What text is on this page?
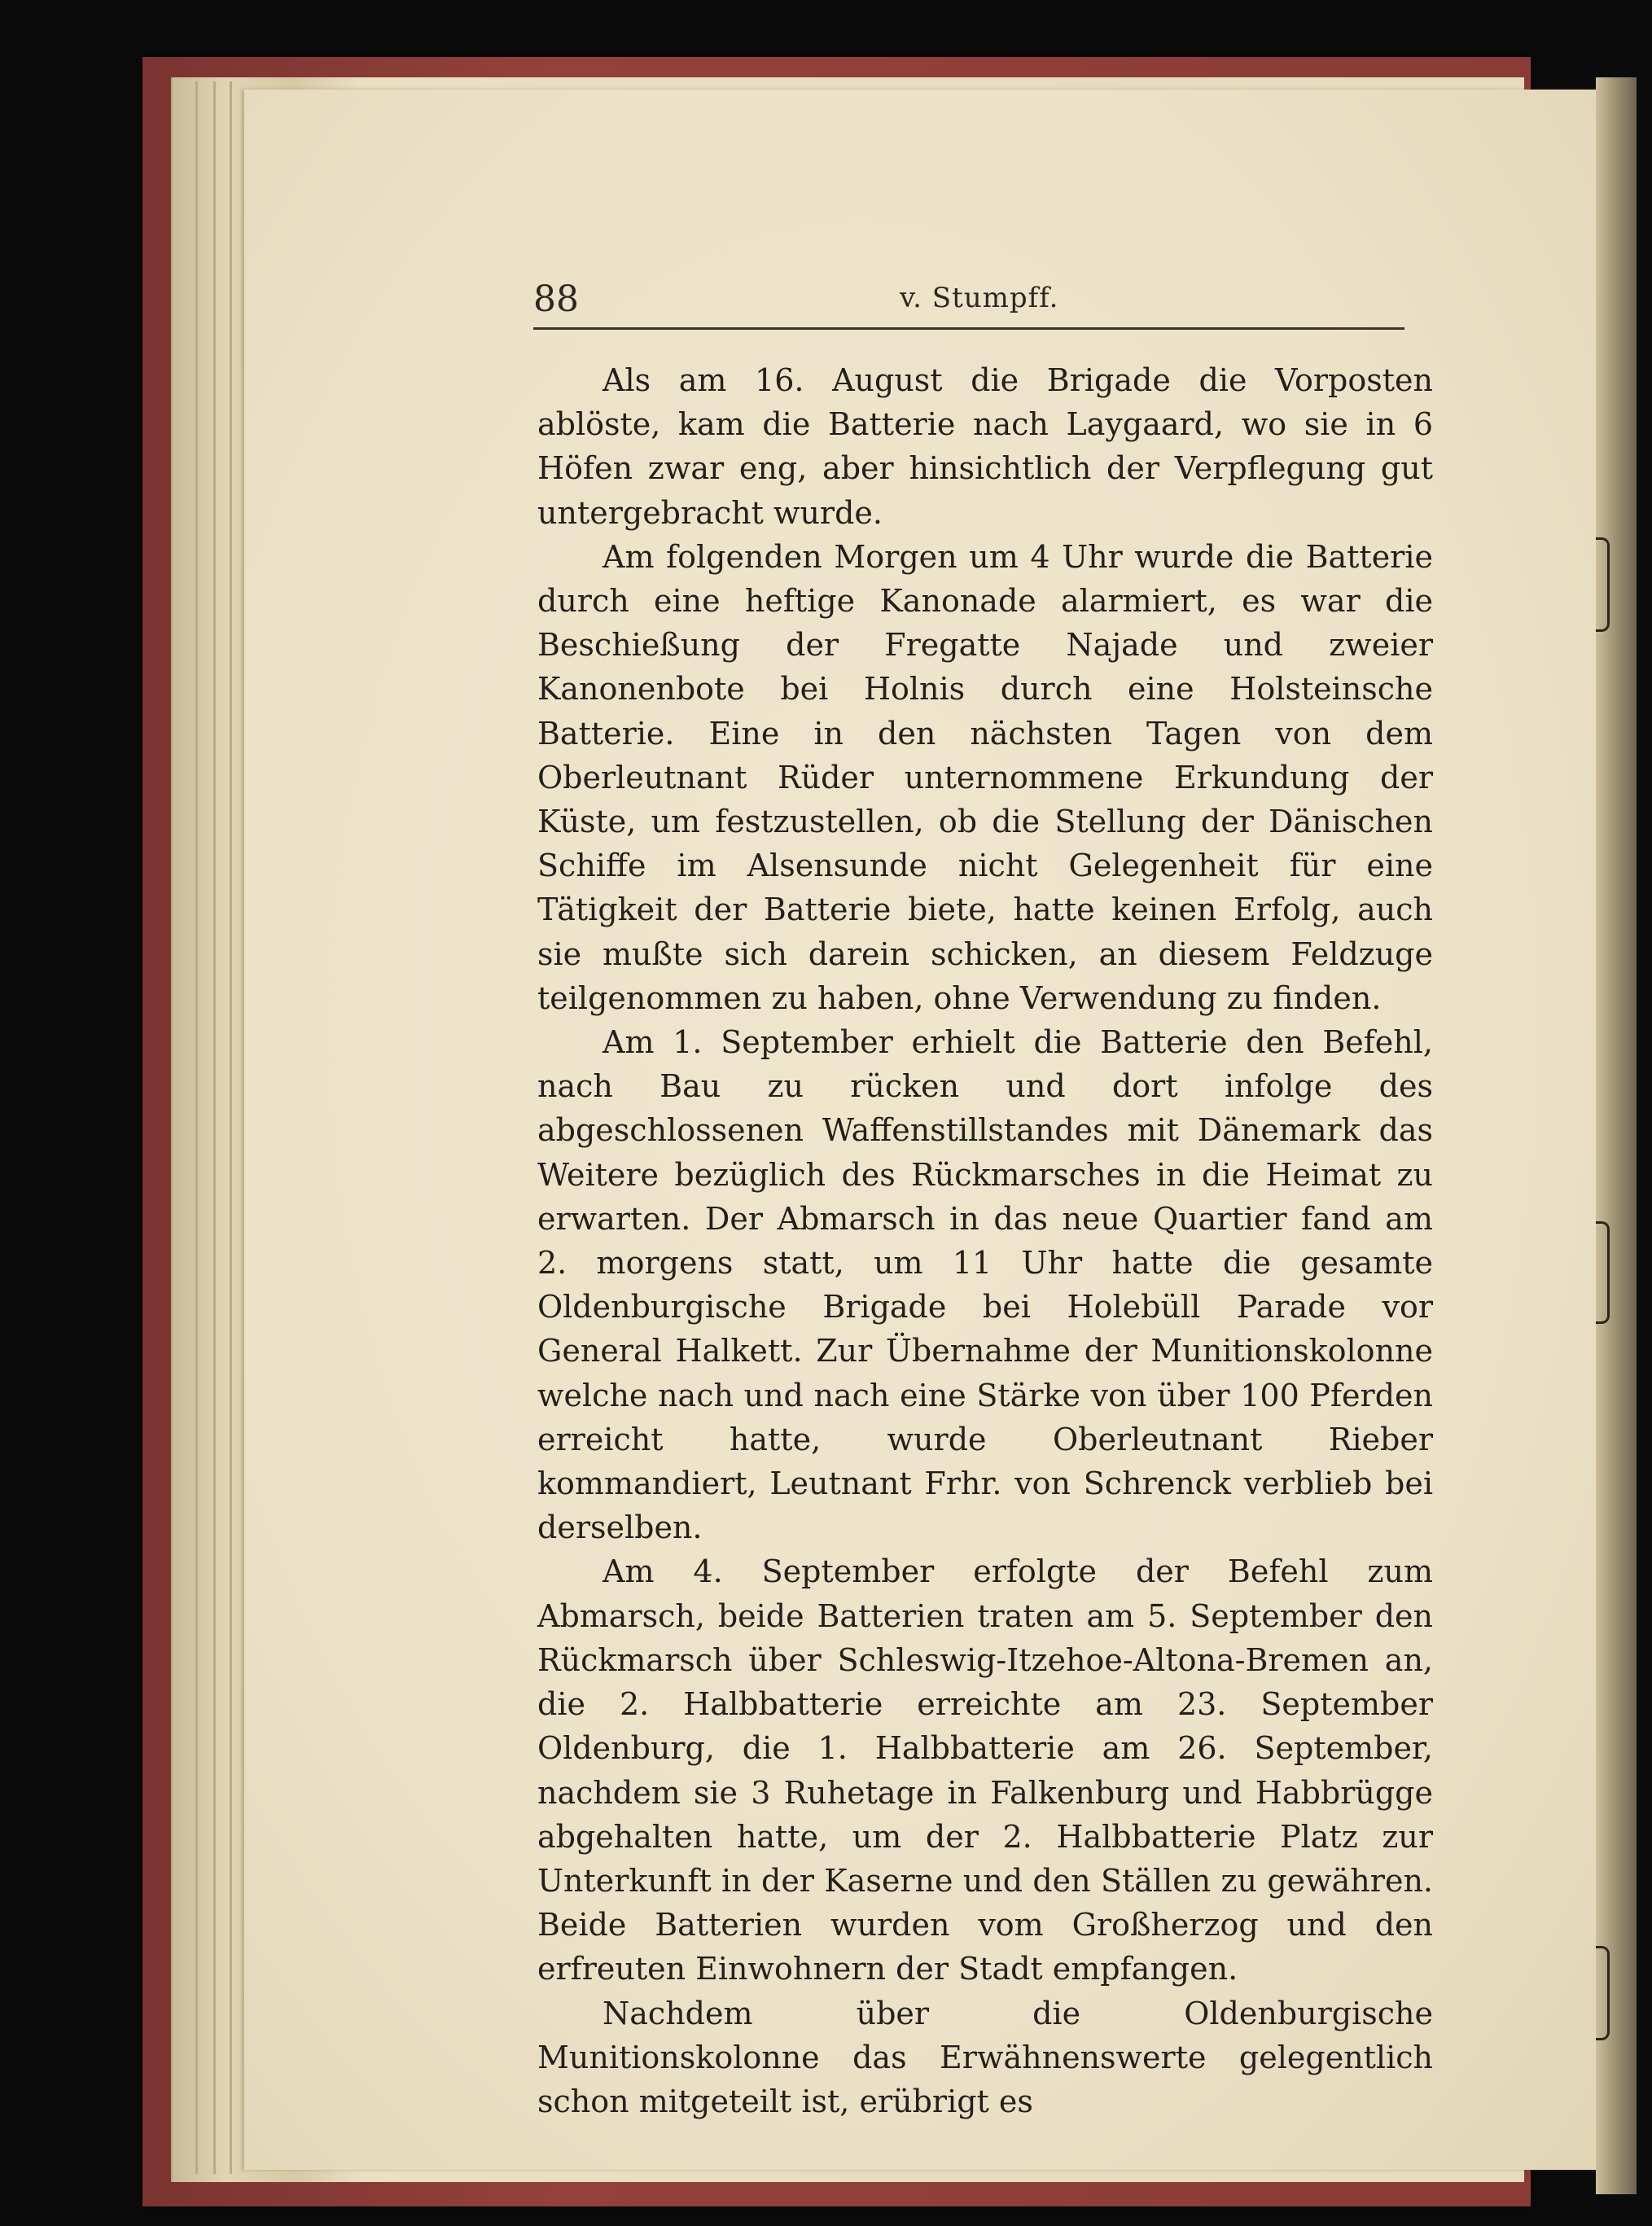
88	v. Stumpff.

Als am 16. August die Brigade die Vorposten ablöste, kam die Batterie nach Laygaard, wo sie in 6 Höfen zwar eng, aber hinsichtlich der Verpflegung gut untergebracht wurde.

Am folgenden Morgen um 4 Uhr wurde die Batterie durch eine heftige Kanonade alarmiert, es war die Beschießung der Fregatte Najade und zweier Kanonenbote bei Holnis durch eine Holsteinsche Batterie. Eine in den nächsten Tagen von dem Oberleutnant Rüder unternommene Erkundung der Küste, um festzustellen, ob die Stellung der Dänischen Schiffe im Alsensunde nicht Gelegenheit für eine Tätigkeit der Batterie biete, hatte keinen Erfolg, auch sie mußte sich darein schicken, an diesem Feldzuge teilgenommen zu haben, ohne Verwendung zu finden.

Am 1. September erhielt die Batterie den Befehl, nach Bau zu rücken und dort infolge des abgeschlossenen Waffenstillstandes mit Dänemark das Weitere bezüglich des Rückmarsches in die Heimat zu erwarten. Der Abmarsch in das neue Quartier fand am 2. morgens statt, um 11 Uhr hatte die gesamte Oldenburgische Brigade bei Holebüll Parade vor General Halkett. Zur Übernahme der Munitionskolonne welche nach und nach eine Stärke von über 100 Pferden erreicht hatte, wurde Oberleutnant Rieber kommandiert, Leutnant Frhr. von Schrenck verblieb bei derselben.

Am 4. September erfolgte der Befehl zum Abmarsch, beide Batterien traten am 5. September den Rückmarsch über Schleswig-Itzehoe-Altona-Bremen an, die 2. Halbbatterie erreichte am 23. September Oldenburg, die 1. Halbbatterie am 26. September, nachdem sie 3 Ruhetage in Falkenburg und Habbrügge abgehalten hatte, um der 2. Halbbatterie Platz zur Unterkunft in der Kaserne und den Ställen zu gewähren. Beide Batterien wurden vom Großherzog und den erfreuten Einwohnern der Stadt empfangen.

Nachdem über die Oldenburgische Munitionskolonne das Erwähnenswerte gelegentlich schon mitgeteilt ist, erübrigt es
